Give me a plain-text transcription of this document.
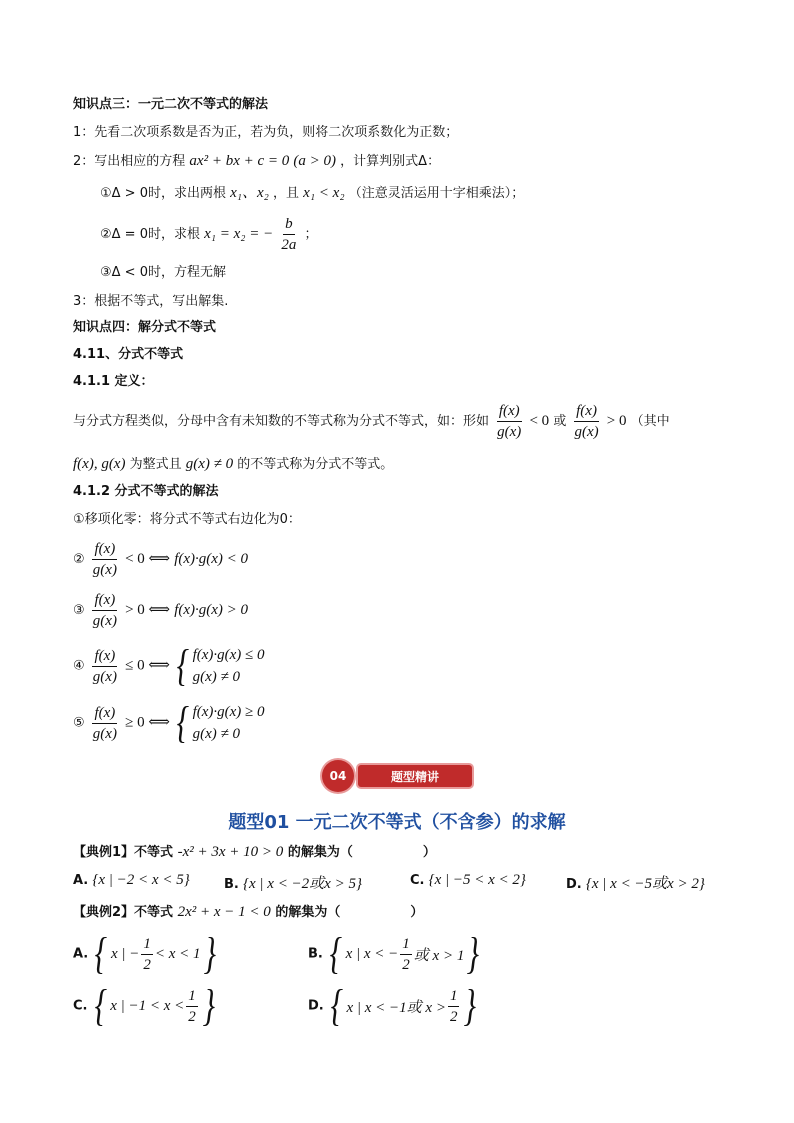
知识点三：一元二次不等式的解法
1：先看二次项系数是否为正，若为负，则将二次项系数化为正数；
2：写出相应的方程 ax² + bx + c = 0 (a > 0) ，计算判别式Δ：
①Δ > 0时，求出两根 x₁、x₂ ，且 x₁ < x₂ （注意灵活运用十字相乘法）；
②Δ = 0时，求根 x₁ = x₂ = − $\frac{b}{2a}$ ；
③Δ < 0时，方程无解
3：根据不等式，写出解集.
知识点四：解分式不等式
4.11、分式不等式
4.1.1 定义：
与分式方程类似，分母中含有未知数的不等式称为分式不等式，如：形如 $\frac{f(x)}{g(x)} < 0$ 或 $\frac{f(x)}{g(x)} > 0$ （其中
f(x), g(x) 为整式且 g(x) ≠ 0 的不等式称为分式不等式。
4.1.2 分式不等式的解法
①移项化零：将分式不等式右边化为0：
② $\frac{f(x)}{g(x)} < 0$ ⟺ f(x)·g(x) < 0
③ $\frac{f(x)}{g(x)} > 0$ ⟺ f(x)·g(x) > 0
④ $\frac{f(x)}{g(x)} \le 0$ ⟺ { f(x)·g(x) ≤ 0
g(x) ≠ 0
⑤ $\frac{f(x)}{g(x)} \ge 0$ ⟺ { f(x)·g(x) ≥ 0
g(x) ≠ 0
04	题型精讲
题型01 一元二次不等式（不含参）的求解
【典例1】不等式 -x² + 3x + 10 > 0 的解集为（	）
A. {x | −2 < x < 5}	B. {x | x < −2或x > 5}	C. {x | −5 < x < 2}	D. {x | x < −5或x > 2}
【典例2】不等式 2x² + x − 1 < 0 的解集为（	）
A. { x | − $\frac{1}{2} < x < 1$ }	B. { x | x < − $\frac{1}{2}$ 或 x > 1 }
C. { x | $-1 < x < \frac{1}{2}$ }	D. { x | x < −1或 $x > \frac{1}{2}$ }
